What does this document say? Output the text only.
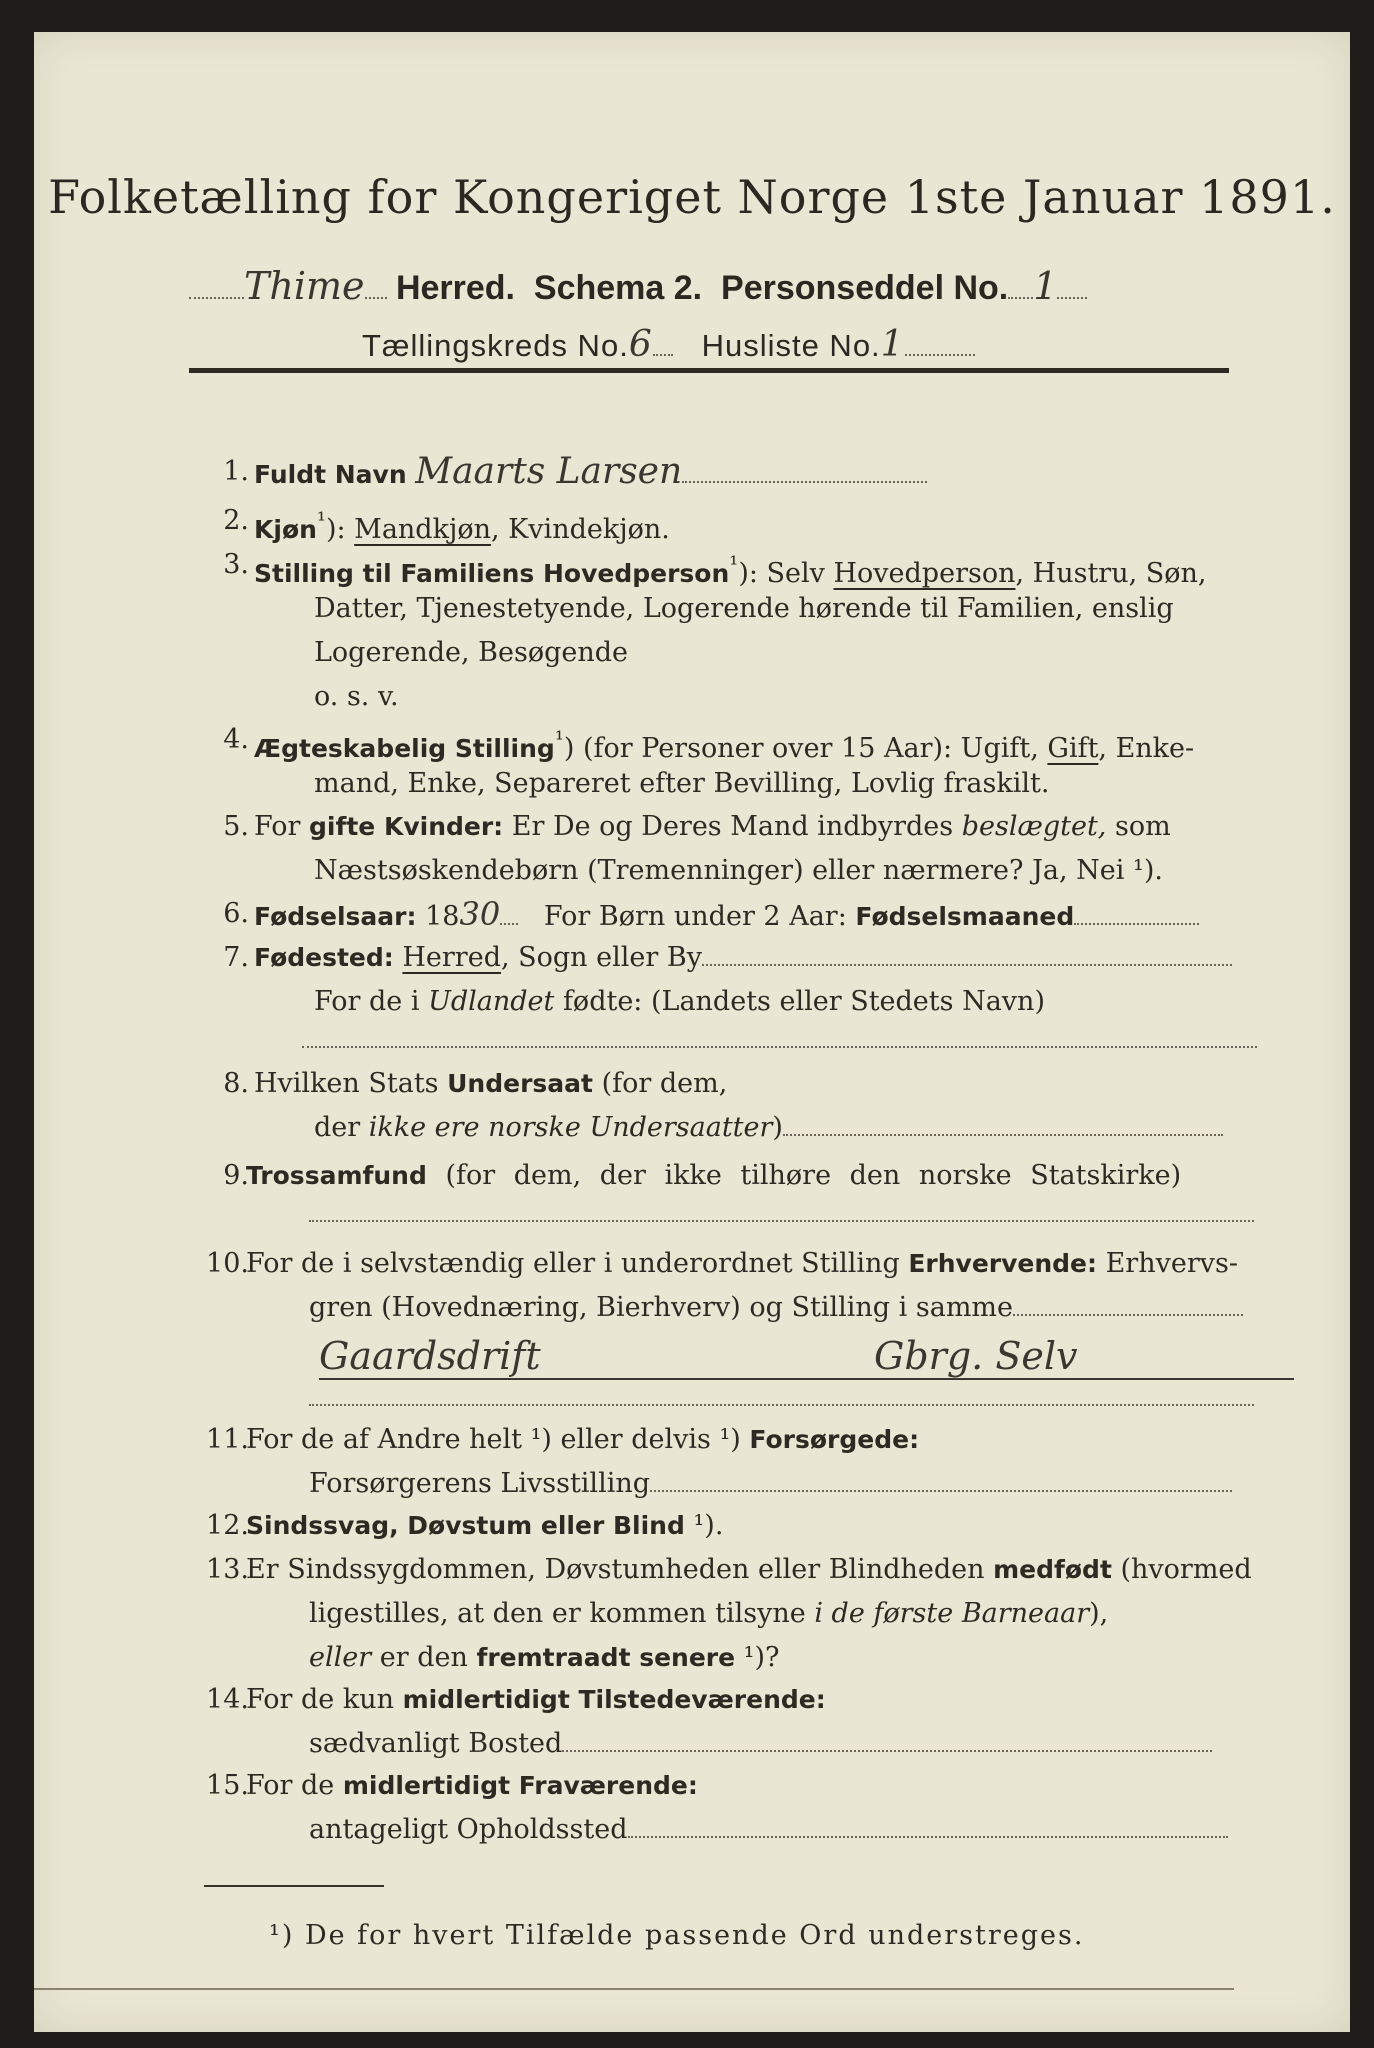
Folketælling for Kongeriget Norge 1ste Januar 1891.
Thime Herred. Schema 2. Personseddel No. 1
Tællingskreds No.6 Husliste No.1
1. Fuldt Navn Maarts Larsen
2. Kjøn$^{^1}$): Mandkjøn, Kvindekjøn.
3. Stilling til Familiens Hovedperson$^{^1}$): Selv Hovedperson, Hustru, Søn,
Datter, Tjenestetyende, Logerende hørende til Familien, enslig
Logerende, Besøgende
o. s. v.
4. Ægteskabelig Stilling$^{^1}$) (for Personer over 15 Aar): Ugift, Gift, Enke-
mand, Enke, Separeret efter Bevilling, Lovlig fraskilt.
5. For gifte Kvinder: Er De og Deres Mand indbyrdes beslægtet, som
Næstsøskendebørn (Tremenninger) eller nærmere? Ja, Nei ¹).
6. Fødselsaar: 1830 For Børn under 2 Aar: Fødselsmaaned
7. Fødested: Herred, Sogn eller By
For de i Udlandet fødte: (Landets eller Stedets Navn)
8. Hvilken Stats Undersaat (for dem,
der ikke ere norske Undersaatter)
9.
Trossamfund (for dem, der ikke tilhøre den norske Statskirke)
10.
For de i selvstændig eller i underordnet Stilling Erhvervende: Erhvervs-
gren (Hovednæring, Bierhverv) og Stilling i samme
Gaardsdrift	Gbrg. Selv
11.
For de af Andre helt ¹) eller delvis ¹) Forsørgede:
Forsørgerens Livsstilling
12.
Sindssvag, Døvstum eller Blind ¹).
13.
Er Sindssygdommen, Døvstumheden eller Blindheden medfødt (hvormed
ligestilles, at den er kommen tilsyne i de første Barneaar),
eller er den fremtraadt senere ¹)?
14.
For de kun midlertidigt Tilstedeværende:
sædvanligt Bosted
15.
For de midlertidigt Fraværende:
antageligt Opholdssted
¹) De for hvert Tilfælde passende Ord understreges.
